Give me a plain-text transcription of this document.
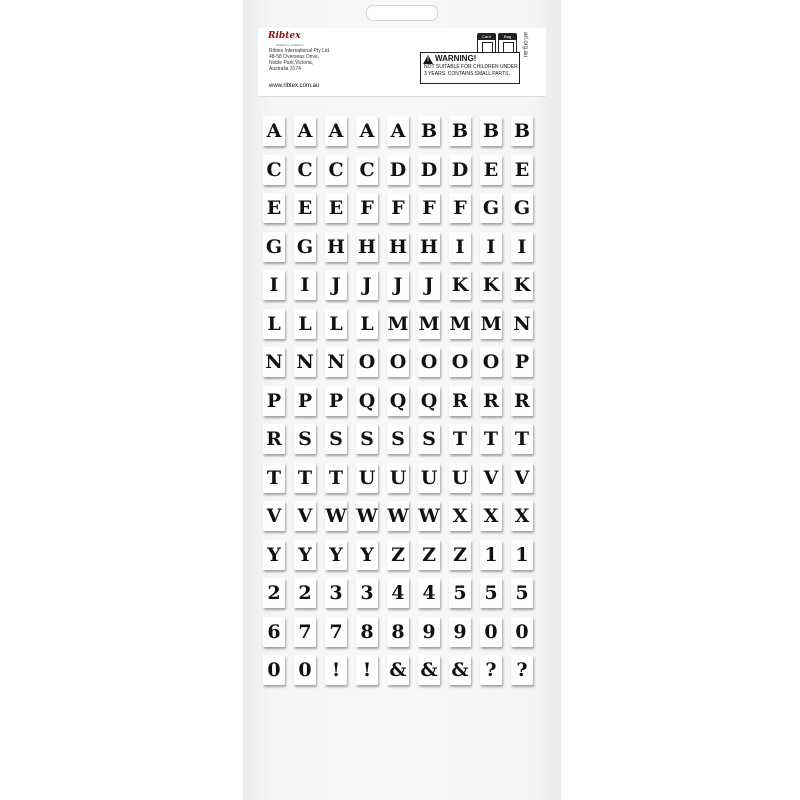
Ribtex
Stationery Collection
Ribtex International Pty Ltd.
48-58 Overseas Drive,
Noble Park,Victoria,
Australia 3174
www.ribtex.com.au
Card	Bag	arl.org.au
! WARNING!
NOT SUITABLE FOR CHILDREN UNDER
3 YEARS. CONTAINS SMALL PARTS.
A A A A A B B B B
C C C C D D D E E
E E E F F F F G G
G G H H H H I	I	I
I	I	J	J	J	J K K K
L L L L M M M M N
N N N O O O O O P
P P P Q Q Q R R R
R S S S S S T T T
T T T U U U U V V
V V W W W W X X X
Y Y Y Y Z Z Z 1 1
2 2 3 3 4 4 5 5 5
6 7 7 8 8 9 9 0 0
0 0	!	! & & & ? ?
